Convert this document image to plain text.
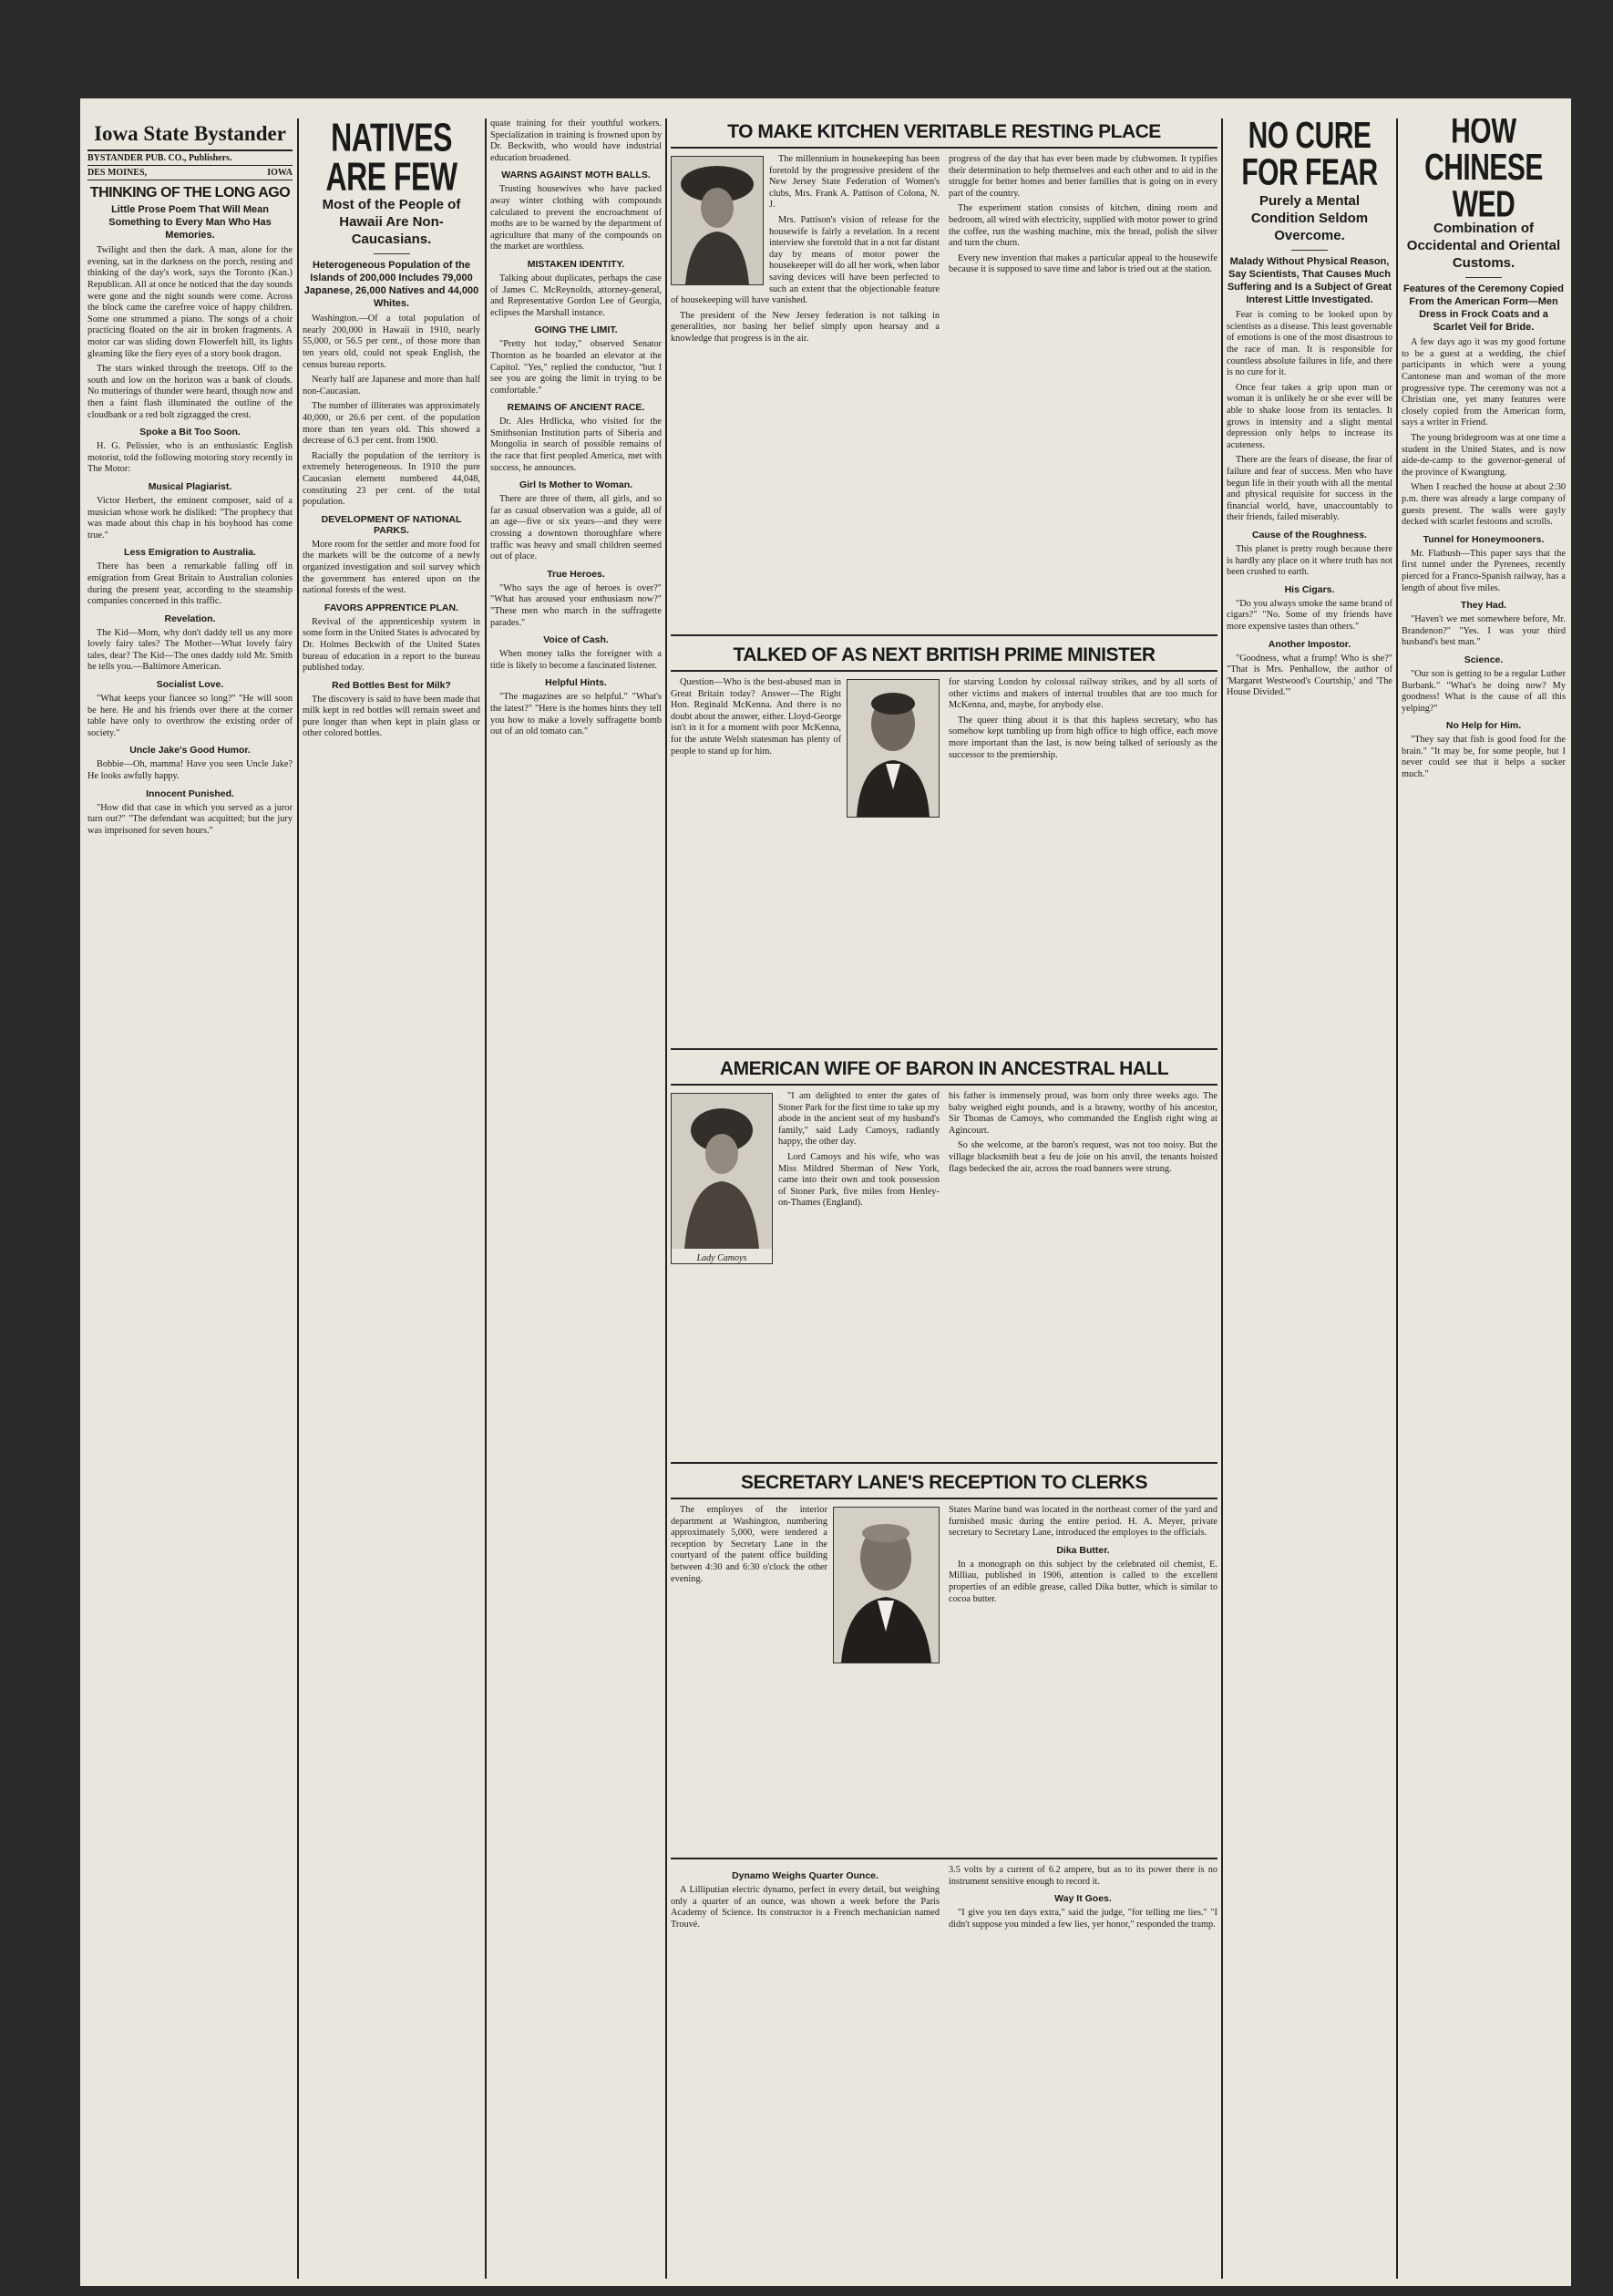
Iowa State Bystander
BYSTANDER PUB. CO., Publishers.
DES MOINES,	IOWA
THINKING OF THE LONG AGO
Little Prose Poem That Will Mean Something to Every Man Who Has Memories.

Twilight and then the dark. A man, alone for the evening, sat in the darkness on the porch, resting and thinking of the day's work, says the Toronto (Kan.) Republican. All at once he noticed that the day sounds were gone and the night sounds were come. Across the block came the carefree voice of happy children. Some one strummed a piano. The songs of a choir practicing floated on the air in broken fragments. A motor car was sliding down Flowerfelt hill, its lights gleaming like the fiery eyes of a story book dragon.

The stars winked through the treetops. Off to the south and low on the horizon was a bank of clouds. No mutterings of thunder were heard, though now and then a faint flash illuminated the outline of the cloudbank or a red bolt zigzagged the crest.

Spoke a Bit Too Soon.

H. G. Pelissier, who is an enthusiastic English motorist, told the following motoring story recently in The Motor:

Musical Plagiarist.

Victor Herbert, the eminent composer, said of a musician whose work he disliked: "The prophecy that was made about this chap in his boyhood has come true."

Less Emigration to Australia.

There has been a remarkable falling off in emigration from Great Britain to Australian colonies during the present year, according to the steamship companies concerned in this traffic.

Revelation.

The Kid—Mom, why don't daddy tell us any more lovely fairy tales? The Mother—What lovely fairy tales, dear? The Kid—The ones daddy told Mr. Smith he tells you.—Baltimore American.

Socialist Love.

"What keeps your fiancee so long?" "He will soon be here. He and his friends over there at the corner table have only to overthrow the existing order of society."

Uncle Jake's Good Humor.

Bobbie—Oh, mamma! Have you seen Uncle Jake? He looks awfully happy.

Innocent Punished.

"How did that case in which you served as a juror turn out?" "The defendant was acquitted; but the jury was imprisoned for seven hours."

NATIVES ARE FEW
Most of the People of Hawaii Are Non-Caucasians.
Heterogeneous Population of the Islands of 200,000 Includes 79,000 Japanese, 26,000 Natives and 44,000 Whites.

Washington.—Of a total population of nearly 200,000 in Hawaii in 1910, nearly 55,000, or 56.5 per cent., of those more than ten years old, could not speak English, the census bureau reports.

Nearly half are Japanese and more than half non-Caucasian.

The number of illiterates was approximately 40,000, or 26.6 per cent. of the population more than ten years old. This showed a decrease of 6.3 per cent. from 1900.

Racially the population of the territory is extremely heterogeneous. In 1910 the pure Caucasian element numbered 44,048, constituting 23 per cent. of the total population.

DEVELOPMENT OF NATIONAL PARKS.

More room for the settler and more food for the markets will be the outcome of a newly organized investigation and soil survey which the government has entered upon on the national forests of the west.

FAVORS APPRENTICE PLAN.

Revival of the apprenticeship system in some form in the United States is advocated by Dr. Holmes Beckwith of the United States bureau of education in a report to the bureau published today.

Red Bottles Best for Milk?

The discovery is said to have been made that milk kept in red bottles will remain sweet and pure longer than when kept in plain glass or other colored bottles.

quate training for their youthful workers. Specialization in training is frowned upon by Dr. Beckwith, who would have industrial education broadened.

WARNS AGAINST MOTH BALLS.

Trusting housewives who have packed away winter clothing with compounds calculated to prevent the encroachment of moths are to be warned by the department of agriculture that many of the compounds on the market are worthless.

MISTAKEN IDENTITY.

Talking about duplicates, perhaps the case of James C. McReynolds, attorney-general, and Representative Gordon Lee of Georgia, eclipses the Marshall instance.

GOING THE LIMIT.

"Pretty hot today," observed Senator Thornton as he boarded an elevator at the Capitol. "Yes," replied the conductor, "but I see you are going the limit in trying to be comfortable."

REMAINS OF ANCIENT RACE.

Dr. Ales Hrdlicka, who visited for the Smithsonian Institution parts of Siberia and Mongolia in search of possible remains of the race that first peopled America, met with success, he announces.

Girl Is Mother to Woman.

There are three of them, all girls, and so far as casual observation was a guide, all of an age—five or six years—and they were crossing a downtown thoroughfare where traffic was heavy and small children seemed out of place.

True Heroes.

"Who says the age of heroes is over?" "What has aroused your enthusiasm now?" "These men who march in the suffragette parades."

Voice of Cash.

When money talks the foreigner with a title is likely to become a fascinated listener.

Helpful Hints.

"The magazines are so helpful." "What's the latest?" "Here is the homes hints they tell you how to make a lovely suffragette bomb out of an old tomato can."

TO MAKE KITCHEN VERITABLE RESTING PLACE

The millennium in housekeeping has been foretold by the progressive president of the New Jersey State Federation of Women's clubs, Mrs. Frank A. Pattison of Colona, N. J.

Mrs. Pattison's vision of release for the housewife is fairly a revelation. In a recent interview she foretold that in a not far distant day by means of motor power the housekeeper will do all her work, when labor saving devices will have been perfected to such an extent that the objectionable feature of housekeeping will have vanished.

The president of the New Jersey federation is not talking in generalities, nor basing her belief simply upon hearsay and a knowledge that progress is in the air.

progress of the day that has ever been made by clubwomen. It typifies their determination to help themselves and each other and to aid in the struggle for better homes and better families that is going on in every part of the country.

The experiment station consists of kitchen, dining room and bedroom, all wired with electricity, supplied with motor power to grind the coffee, run the washing machine, mix the bread, polish the silver and turn the churn.

Every new invention that makes a particular appeal to the housewife because it is supposed to save time and labor is tried out at the station.

TALKED OF AS NEXT BRITISH PRIME MINISTER

Question—Who is the best-abused man in Great Britain today? Answer—The Right Hon. Reginald McKenna. And there is no doubt about the answer, either. Lloyd-George isn't in it for a moment with poor McKenna, for the astute Welsh statesman has plenty of people to stand up for him.

for starving London by colossal railway strikes, and by all sorts of other victims and makers of internal troubles that are too much for McKenna, and, maybe, for anybody else.

The queer thing about it is that this hapless secretary, who has somehow kept tumbling up from high office to high office, each move more important than the last, is now being talked of seriously as the successor to the premiership.

AMERICAN WIFE OF BARON IN ANCESTRAL HALL
Lady Camoys

"I am delighted to enter the gates of Stoner Park for the first time to take up my abode in the ancient seat of my husband's family," said Lady Camoys, radiantly happy, the other day.

Lord Camoys and his wife, who was Miss Mildred Sherman of New York, came into their own and took possession of Stoner Park, five miles from Henley-on-Thames (England).

his father is immensely proud, was born only three weeks ago. The baby weighed eight pounds, and is a brawny, worthy of his ancestor, Sir Thomas de Camoys, who commanded the English right wing at Agincourt.

So she welcome, at the baron's request, was not too noisy. But the village blacksmith beat a feu de joie on his anvil, the tenants hoisted flags bedecked the air, across the road banners were strung.

SECRETARY LANE'S RECEPTION TO CLERKS

The employes of the interior department at Washington, numbering approximately 5,000, were tendered a reception by Secretary Lane in the courtyard of the patent office building between 4:30 and 6:30 o'clock the other evening.

States Marine band was located in the northeast corner of the yard and furnished music during the entire period. H. A. Meyer, private secretary to Secretary Lane, introduced the employes to the officials.

Dika Butter.

In a monograph on this subject by the celebrated oil chemist, E. Milliau, published in 1906, attention is called to the excellent properties of an edible grease, called Dika butter, which is similar to cocoa butter.

Dynamo Weighs Quarter Ounce.

A Lilliputian electric dynamo, perfect in every detail, but weighing only a quarter of an ounce, was shown a week before the Paris Academy of Science. Its constructor is a French mechanician named Trouvé.

3.5 volts by a current of 6.2 ampere, but as to its power there is no instrument sensitive enough to record it.

Way It Goes.

"I give you ten days extra," said the judge, "for telling me lies." "I didn't suppose you minded a few lies, yer honor," responded the tramp.

NO CURE FOR FEAR
Purely a Mental Condition Seldom Overcome.
Malady Without Physical Reason, Say Scientists, That Causes Much Suffering and Is a Subject of Great Interest Little Investigated.

Fear is coming to be looked upon by scientists as a disease. This least governable of emotions is one of the most disastrous to the race of man. It is responsible for countless absolute failures in life, and there is no cure for it.

Once fear takes a grip upon man or woman it is unlikely he or she ever will be able to shake loose from its tentacles. It grows in intensity and a slight mental depression only helps to increase its acuteness.

There are the fears of disease, the fear of failure and fear of success. Men who have begun life in their youth with all the mental and physical requisite for success in the financial world, have, unaccountably to their friends, failed miserably.

Cause of the Roughness.

This planet is pretty rough because there is hardly any place on it where truth has not been crushed to earth.

His Cigars.

"Do you always smoke the same brand of cigars?" "No. Some of my friends have more expensive tastes than others."

Another Impostor.

"Goodness, what a frump! Who is she?" "That is Mrs. Penhallow, the author of 'Margaret Westwood's Courtship,' and 'The House Divided.'"

HOW CHINESE WED
Combination of Occidental and Oriental Customs.
Features of the Ceremony Copied From the American Form—Men Dress in Frock Coats and a Scarlet Veil for Bride.

A few days ago it was my good fortune to be a guest at a wedding, the chief participants in which were a young Cantonese man and woman of the more progressive type. The ceremony was not a Christian one, yet many features were closely copied from the American form, says a writer in Friend.

The young bridegroom was at one time a student in the United States, and is now aide-de-camp to the governor-general of the province of Kwangtung.

When I reached the house at about 2:30 p.m. there was already a large company of guests present. The walls were gayly decked with scarlet festoons and scrolls.

Tunnel for Honeymooners.

Mr. Flatbush—This paper says that the first tunnel under the Pyrenees, recently pierced for a Franco-Spanish railway, has a length of about five miles.

They Had.

"Haven't we met somewhere before, Mr. Brandenon?" "Yes. I was your third husband's best man."

Science.

"Our son is getting to be a regular Luther Burbank." "What's he doing now? My goodness! What is the cause of all this yelping?"

No Help for Him.

"They say that fish is good food for the brain." "It may be, for some people, but I never could see that it helps a sucker much."
